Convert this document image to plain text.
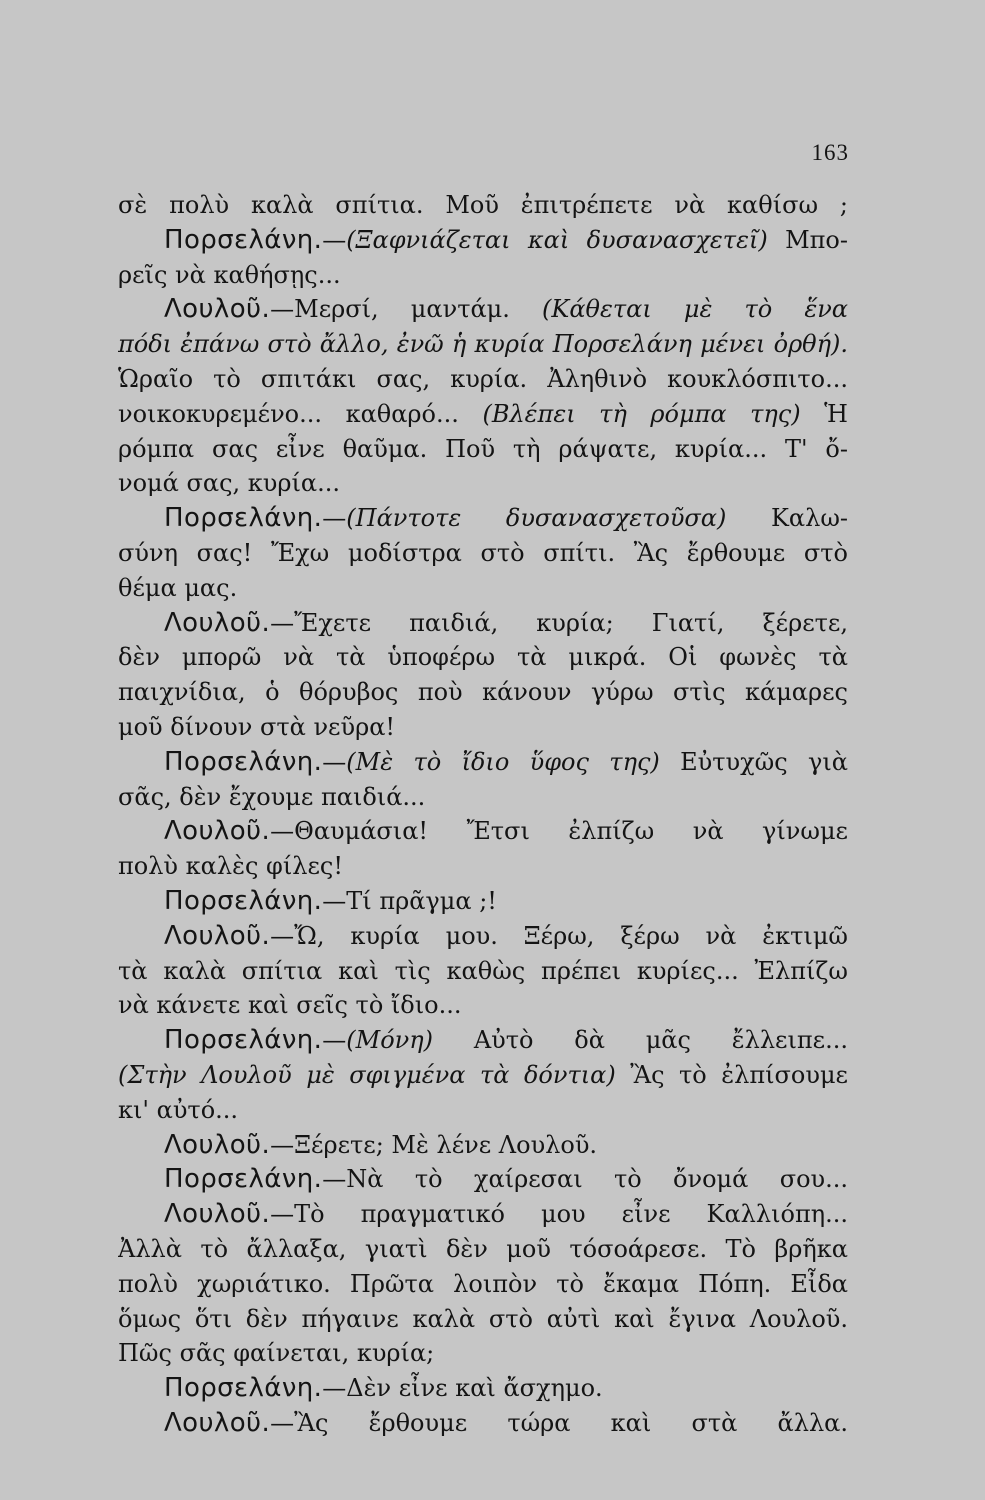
163
σὲ πολὺ καλὰ σπίτια. Μοῦ ἐπιτρέπετε νὰ καθίσω ;
Πορσελάνη.—(Ξαφνιάζεται καὶ δυσανασχετεῖ) Μπο-
ρεῖς νὰ καθήσῃς...
Λουλοῦ.—Μερσί, μαντάμ. (Κάθεται μὲ τὸ ἕνα
πόδι ἐπάνω στὸ ἄλλο, ἐνῶ ἡ κυρία Πορσελάνη μένει ὀρθή).
Ὡραῖο τὸ σπιτάκι σας, κυρία. Ἀληθινὸ κουκλόσπιτο...
νοικοκυρεμένο... καθαρό... (Βλέπει τὴ ρόμπα της) Ἡ
ρόμπα σας εἶνε θαῦμα. Ποῦ τὴ ράψατε, κυρία... Τ' ὄ-
νομά σας, κυρία...
Πορσελάνη.—(Πάντοτε δυσανασχετοῦσα) Καλω-
σύνη σας! Ἔχω μοδίστρα στὸ σπίτι. Ἂς ἔρθουμε στὸ
θέμα μας.
Λουλοῦ.—Ἔχετε παιδιά, κυρία; Γιατί, ξέρετε,
δὲν μπορῶ νὰ τὰ ὑποφέρω τὰ μικρά. Οἱ φωνὲς τὰ
παιχνίδια, ὁ θόρυβος ποὺ κάνουν γύρω στὶς κάμαρες
μοῦ δίνουν στὰ νεῦρα!
Πορσελάνη.—(Μὲ τὸ ἴδιο ὕφος της) Εὐτυχῶς γιὰ
σᾶς, δὲν ἔχουμε παιδιά...
Λουλοῦ.—Θαυμάσια! Ἔτσι ἐλπίζω νὰ γίνωμε
πολὺ καλὲς φίλες!
Πορσελάνη.—Τί πρᾶγμα ;!
Λουλοῦ.—Ὤ, κυρία μου. Ξέρω, ξέρω νὰ ἐκτιμῶ
τὰ καλὰ σπίτια καὶ τὶς καθὼς πρέπει κυρίες... Ἐλπίζω
νὰ κάνετε καὶ σεῖς τὸ ἴδιο...
Πορσελάνη.—(Μόνη) Αὐτὸ δὰ μᾶς ἔλλειπε...
(Στὴν Λουλοῦ μὲ σφιγμένα τὰ δόντια) Ἂς τὸ ἐλπίσουμε
κι' αὐτό...
Λουλοῦ.—Ξέρετε; Μὲ λένε Λουλοῦ.
Πορσελάνη.—Νὰ τὸ χαίρεσαι τὸ ὄνομά σου...
Λουλοῦ.—Τὸ πραγματικό μου εἶνε Καλλιόπη...
Ἀλλὰ τὸ ἄλλαξα, γιατὶ δὲν μοῦ τόσοάρεσε. Τὸ βρῆκα
πολὺ χωριάτικο. Πρῶτα λοιπὸν τὸ ἔκαμα Πόπη. Εἶδα
ὅμως ὅτι δὲν πήγαινε καλὰ στὸ αὐτὶ καὶ ἔγινα Λουλοῦ.
Πῶς σᾶς φαίνεται, κυρία;
Πορσελάνη.—Δὲν εἶνε καὶ ἄσχημο.
Λουλοῦ.—Ἂς ἔρθουμε τώρα καὶ στὰ ἄλλα.
